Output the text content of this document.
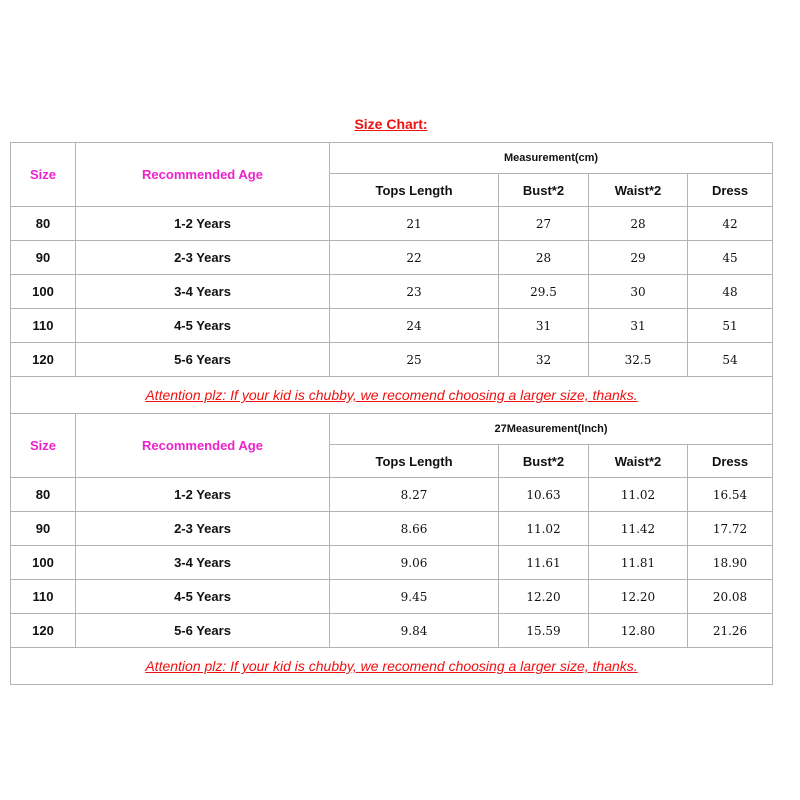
Size Chart:
Size	Recommended Age	Measurement(cm)			
		Tops Length	Bust*2	Waist*2	Dress
80	1-2 Years	21	27	28	42
90	2-3 Years	22	28	29	45
100	3-4 Years	23	29.5	30	48
110	4-5 Years	24	31	31	51
120	5-6 Years	25	32	32.5	54
Attention plz: If your kid is chubby, we recomend choosing a larger size, thanks.					
Size	Recommended Age	27Measurement(Inch)			
		Tops Length	Bust*2	Waist*2	Dress
80	1-2 Years	8.27	10.63	11.02	16.54
90	2-3 Years	8.66	11.02	11.42	17.72
100	3-4 Years	9.06	11.61	11.81	18.90
110	4-5 Years	9.45	12.20	12.20	20.08
120	5-6 Years	9.84	15.59	12.80	21.26
Attention plz: If your kid is chubby, we recomend choosing a larger size, thanks.					
